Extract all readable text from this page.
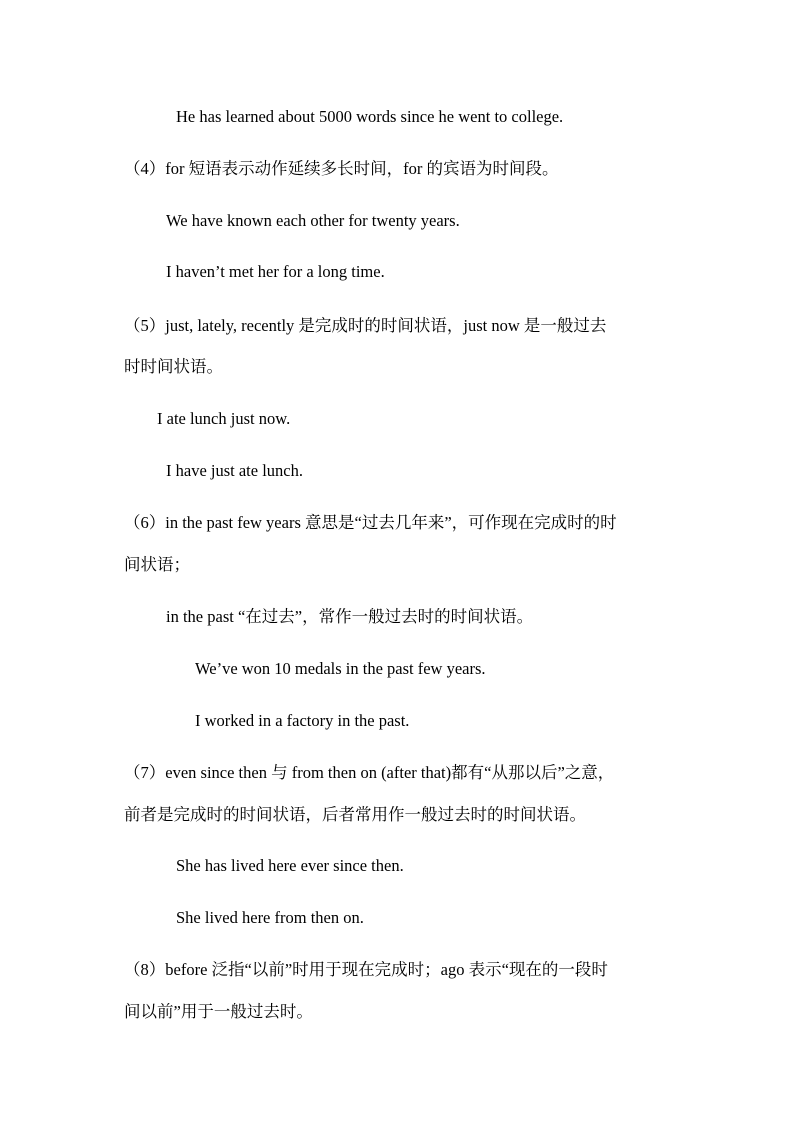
He has learned about 5000 words since he went to college.
（4）for 短语表示动作延续多长时间，for 的宾语为时间段。
We have known each other for twenty years.
I haven’t met her for a long time.
（5）just, lately, recently 是完成时的时间状语，just now 是一般过去
时时间状语。
I ate lunch just now.
I have just ate lunch.
（6）in the past few years 意思是“过去几年来”，可作现在完成时的时
间状语；
in the past “在过去”，常作一般过去时的时间状语。
We’ve won 10 medals in the past few years.
I worked in a factory in the past.
（7）even since then 与 from then on (after that)都有“从那以后”之意，
前者是完成时的时间状语，后者常用作一般过去时的时间状语。
She has lived here ever since then.
She lived here from then on.
（8）before 泛指“以前”时用于现在完成时；ago 表示“现在的一段时
间以前”用于一般过去时。
